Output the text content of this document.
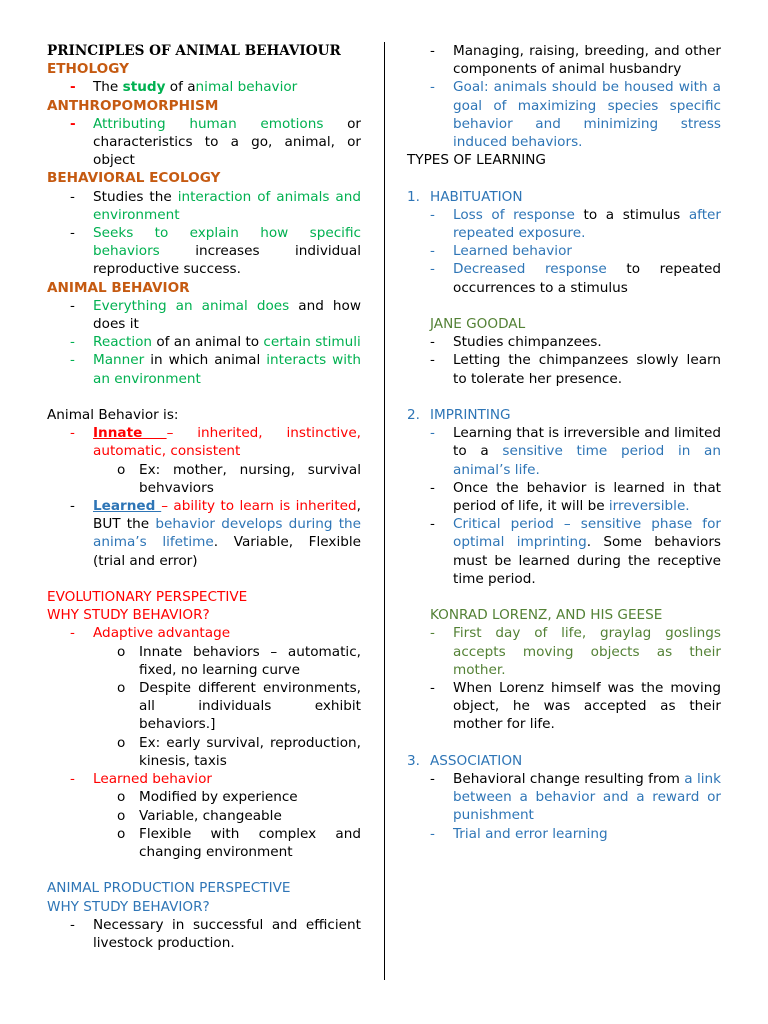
PRINCIPLES OF ANIMAL BEHAVIOUR
ETHOLOGY
- The study of animal behavior
ANTHROPOMORPHISM
- Attributing human emotions or characteristics to a go, animal, or object
BEHAVIORAL ECOLOGY
- Studies the interaction of animals and environment
- Seeks to explain how specific behaviors increases individual reproductive success.
ANIMAL BEHAVIOR
- Everything an animal does and how does it
- Reaction of an animal to certain stimuli
- Manner in which animal interacts with an environment
Animal Behavior is:
- Innate – inherited, instinctive, automatic, consistent
o Ex: mother, nursing, survival behvaviors
- Learned – ability to learn is inherited, BUT the behavior develops during the anima’s lifetime. Variable, Flexible (trial and error)
EVOLUTIONARY PERSPECTIVE
WHY STUDY BEHAVIOR?
- Adaptive advantage
o Innate behaviors – automatic, fixed, no learning curve
o Despite different environments, all individuals exhibit behaviors.]
o Ex: early survival, reproduction, kinesis, taxis
- Learned behavior
o Modified by experience
o Variable, changeable
o Flexible with complex and changing environment
ANIMAL PRODUCTION PERSPECTIVE
WHY STUDY BEHAVIOR?
- Necessary in successful and efficient livestock production.
- Managing, raising, breeding, and other components of animal husbandry
- Goal: animals should be housed with a goal of maximizing species specific behavior and minimizing stress induced behaviors.
TYPES OF LEARNING
1. HABITUATION
- Loss of response to a stimulus after repeated exposure.
- Learned behavior
- Decreased response to repeated occurrences to a stimulus
JANE GOODAL
- Studies chimpanzees.
- Letting the chimpanzees slowly learn to tolerate her presence.
2. IMPRINTING
- Learning that is irreversible and limited to a sensitive time period in an animal’s life.
- Once the behavior is learned in that period of life, it will be irreversible.
- Critical period – sensitive phase for optimal imprinting. Some behaviors must be learned during the receptive time period.
KONRAD LORENZ, AND HIS GEESE
- First day of life, graylag goslings accepts moving objects as their mother.
- When Lorenz himself was the moving object, he was accepted as their mother for life.
3. ASSOCIATION
- Behavioral change resulting from a link between a behavior and a reward or punishment
- Trial and error learning
